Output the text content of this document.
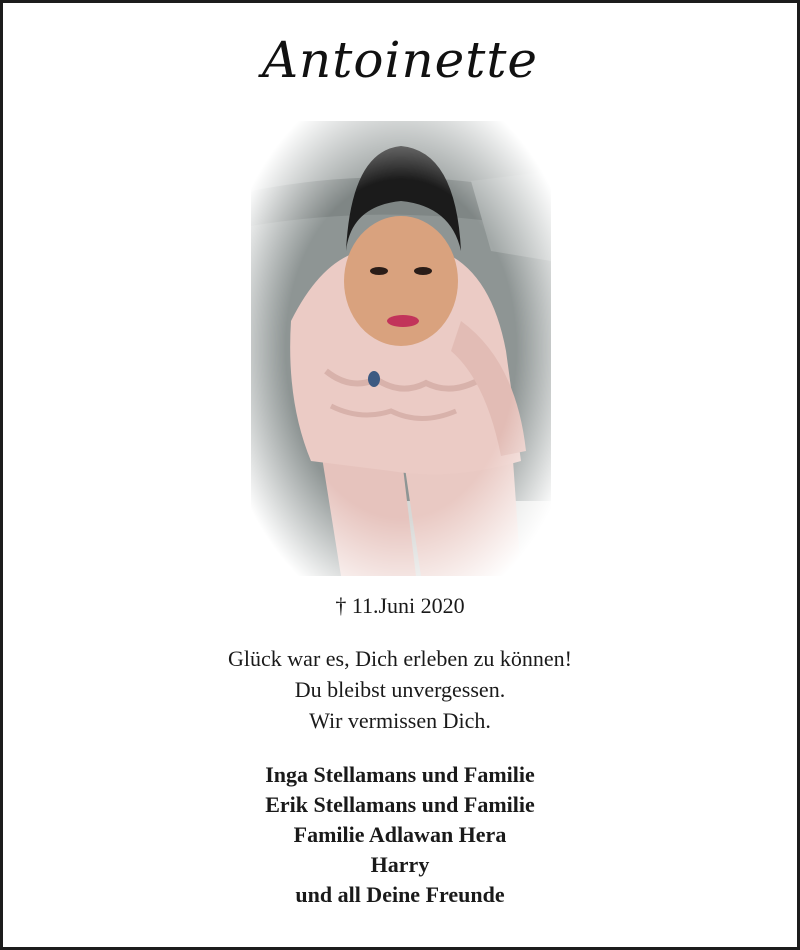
Antoinette
† 11.Juni 2020
Glück war es, Dich erleben zu können!
Du bleibst unvergessen.
Wir vermissen Dich.
Inga Stellamans und Familie
Erik Stellamans und Familie
Familie Adlawan Hera
Harry
und all Deine Freunde
